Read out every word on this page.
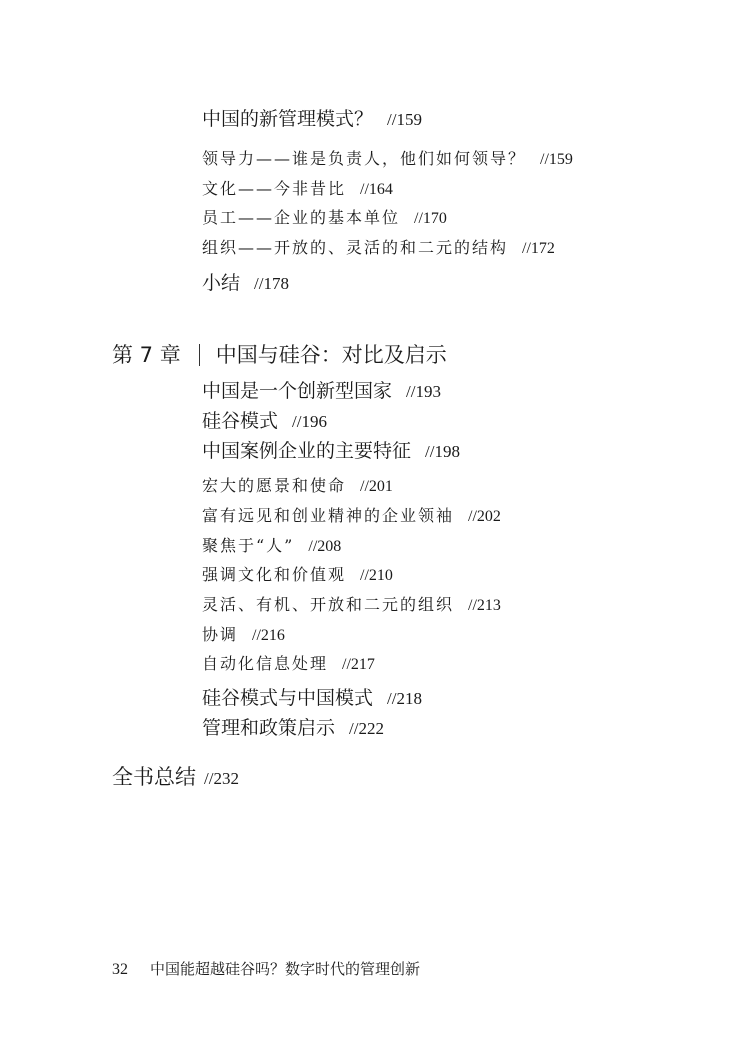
中国的新管理模式？ //159
领导力——谁是负责人，他们如何领导？ //159
文化——今非昔比 //164
员工——企业的基本单位 //170
组织——开放的、灵活的和二元的结构 //172
小结 //178
第 7 章 中国与硅谷：对比及启示
中国是一个创新型国家 //193
硅谷模式 //196
中国案例企业的主要特征 //198
宏大的愿景和使命 //201
富有远见和创业精神的企业领袖 //202
聚焦于“人” //208
强调文化和价值观 //210
灵活、有机、开放和二元的组织 //213
协调 //216
自动化信息处理 //217
硅谷模式与中国模式 //218
管理和政策启示 //222
全书总结 //232
32 中国能超越硅谷吗？数字时代的管理创新
